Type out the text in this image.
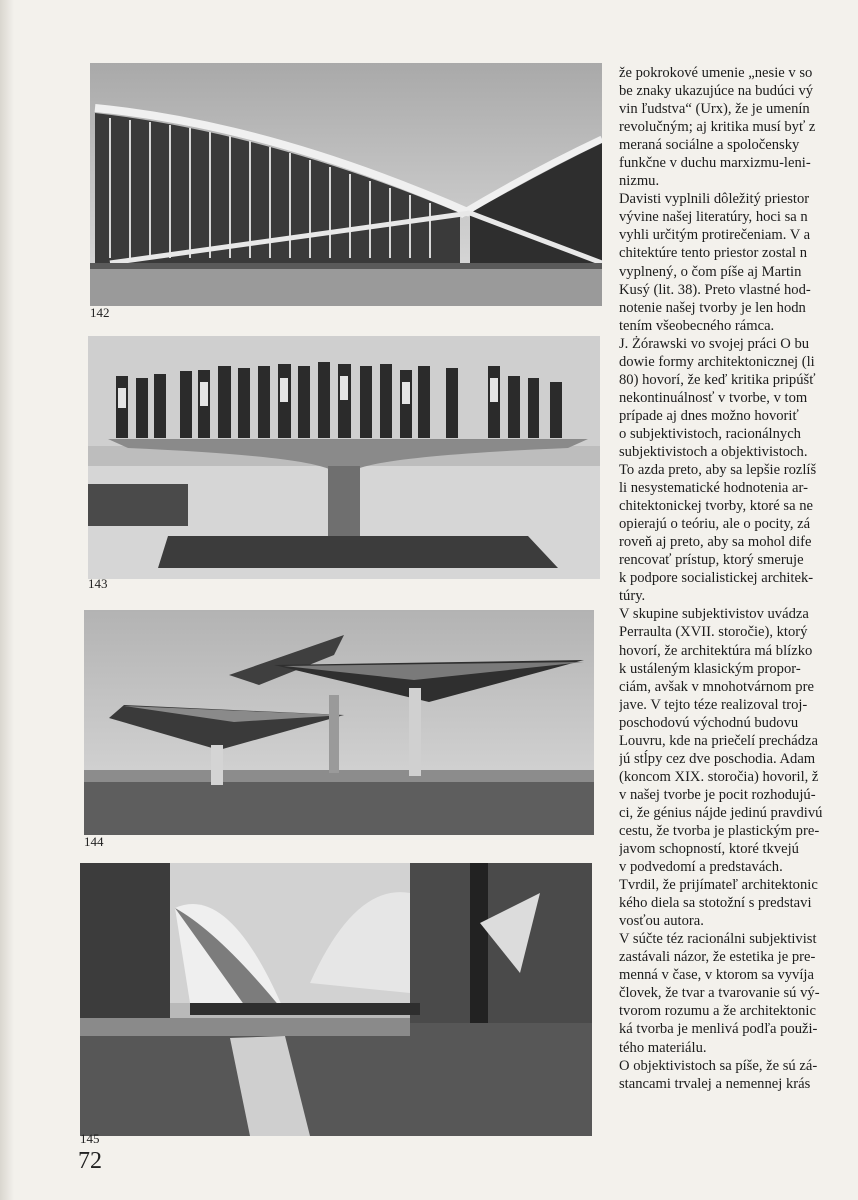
142
143
144
145
že pokrokové umenie „nesie v so
be znaky ukazujúce na budúci vý
vin ľudstva“ (Urx), že je umenín
revolučným; aj kritika musí byť z
meraná sociálne a spoločensky
funkčne v duchu marxizmu-leni-
nizmu.
Davisti vyplnili dôležitý priestor
vývine našej literatúry, hoci sa n
vyhli určitým protirečeniam. V a
chitektúre tento priestor zostal n
vyplnený, o čom píše aj Martin
Kusý (lit. 38). Preto vlastné hod-
notenie našej tvorby je len hodn
tením všeobecného rámca.
J. Żórawski vo svojej práci O bu
dowie formy architektonicznej (li
80) hovorí, že keď kritika pripúšť
nekontinuálnosť v tvorbe, v tom
prípade aj dnes možno hovoriť
o subjektivistoch, racionálnych
subjektivistoch a objektivistoch.
To azda preto, aby sa lepšie rozlíš
li nesystematické hodnotenia ar-
chitektonickej tvorby, ktoré sa ne
opierajú o teóriu, ale o pocity, zá
roveň aj preto, aby sa mohol dife
rencovať prístup, ktorý smeruje
k podpore socialistickej architek-
túry.
V skupine subjektivistov uvádza
Perraulta (XVII. storočie), ktorý
hovorí, že architektúra má blízko
k ustáleným klasickým propor-
ciám, avšak v mnohotvárnom pre
jave. V tejto téze realizoval troj-
poschodovú východnú budovu
Louvru, kde na priečelí prechádza
jú stĺpy cez dve poschodia. Adam
(koncom XIX. storočia) hovoril, ž
v našej tvorbe je pocit rozhodujú-
ci, že génius nájde jedinú pravdivú
cestu, že tvorba je plastickým pre-
javom schopností, ktoré tkvejú
v podvedomí a predstavách.
Tvrdil, že prijímateľ architektonic
kého diela sa stotožní s predstavi
vosťou autora.
V súčte téz racionálni subjektivist
zastávali názor, že estetika je pre-
menná v čase, v ktorom sa vyvíja
človek, že tvar a tvarovanie sú vý-
tvorom rozumu a že architektonic
ká tvorba je menlivá podľa použi-
tého materiálu.
O objektivistoch sa píše, že sú zá-
stancami trvalej a nemennej krás
72
